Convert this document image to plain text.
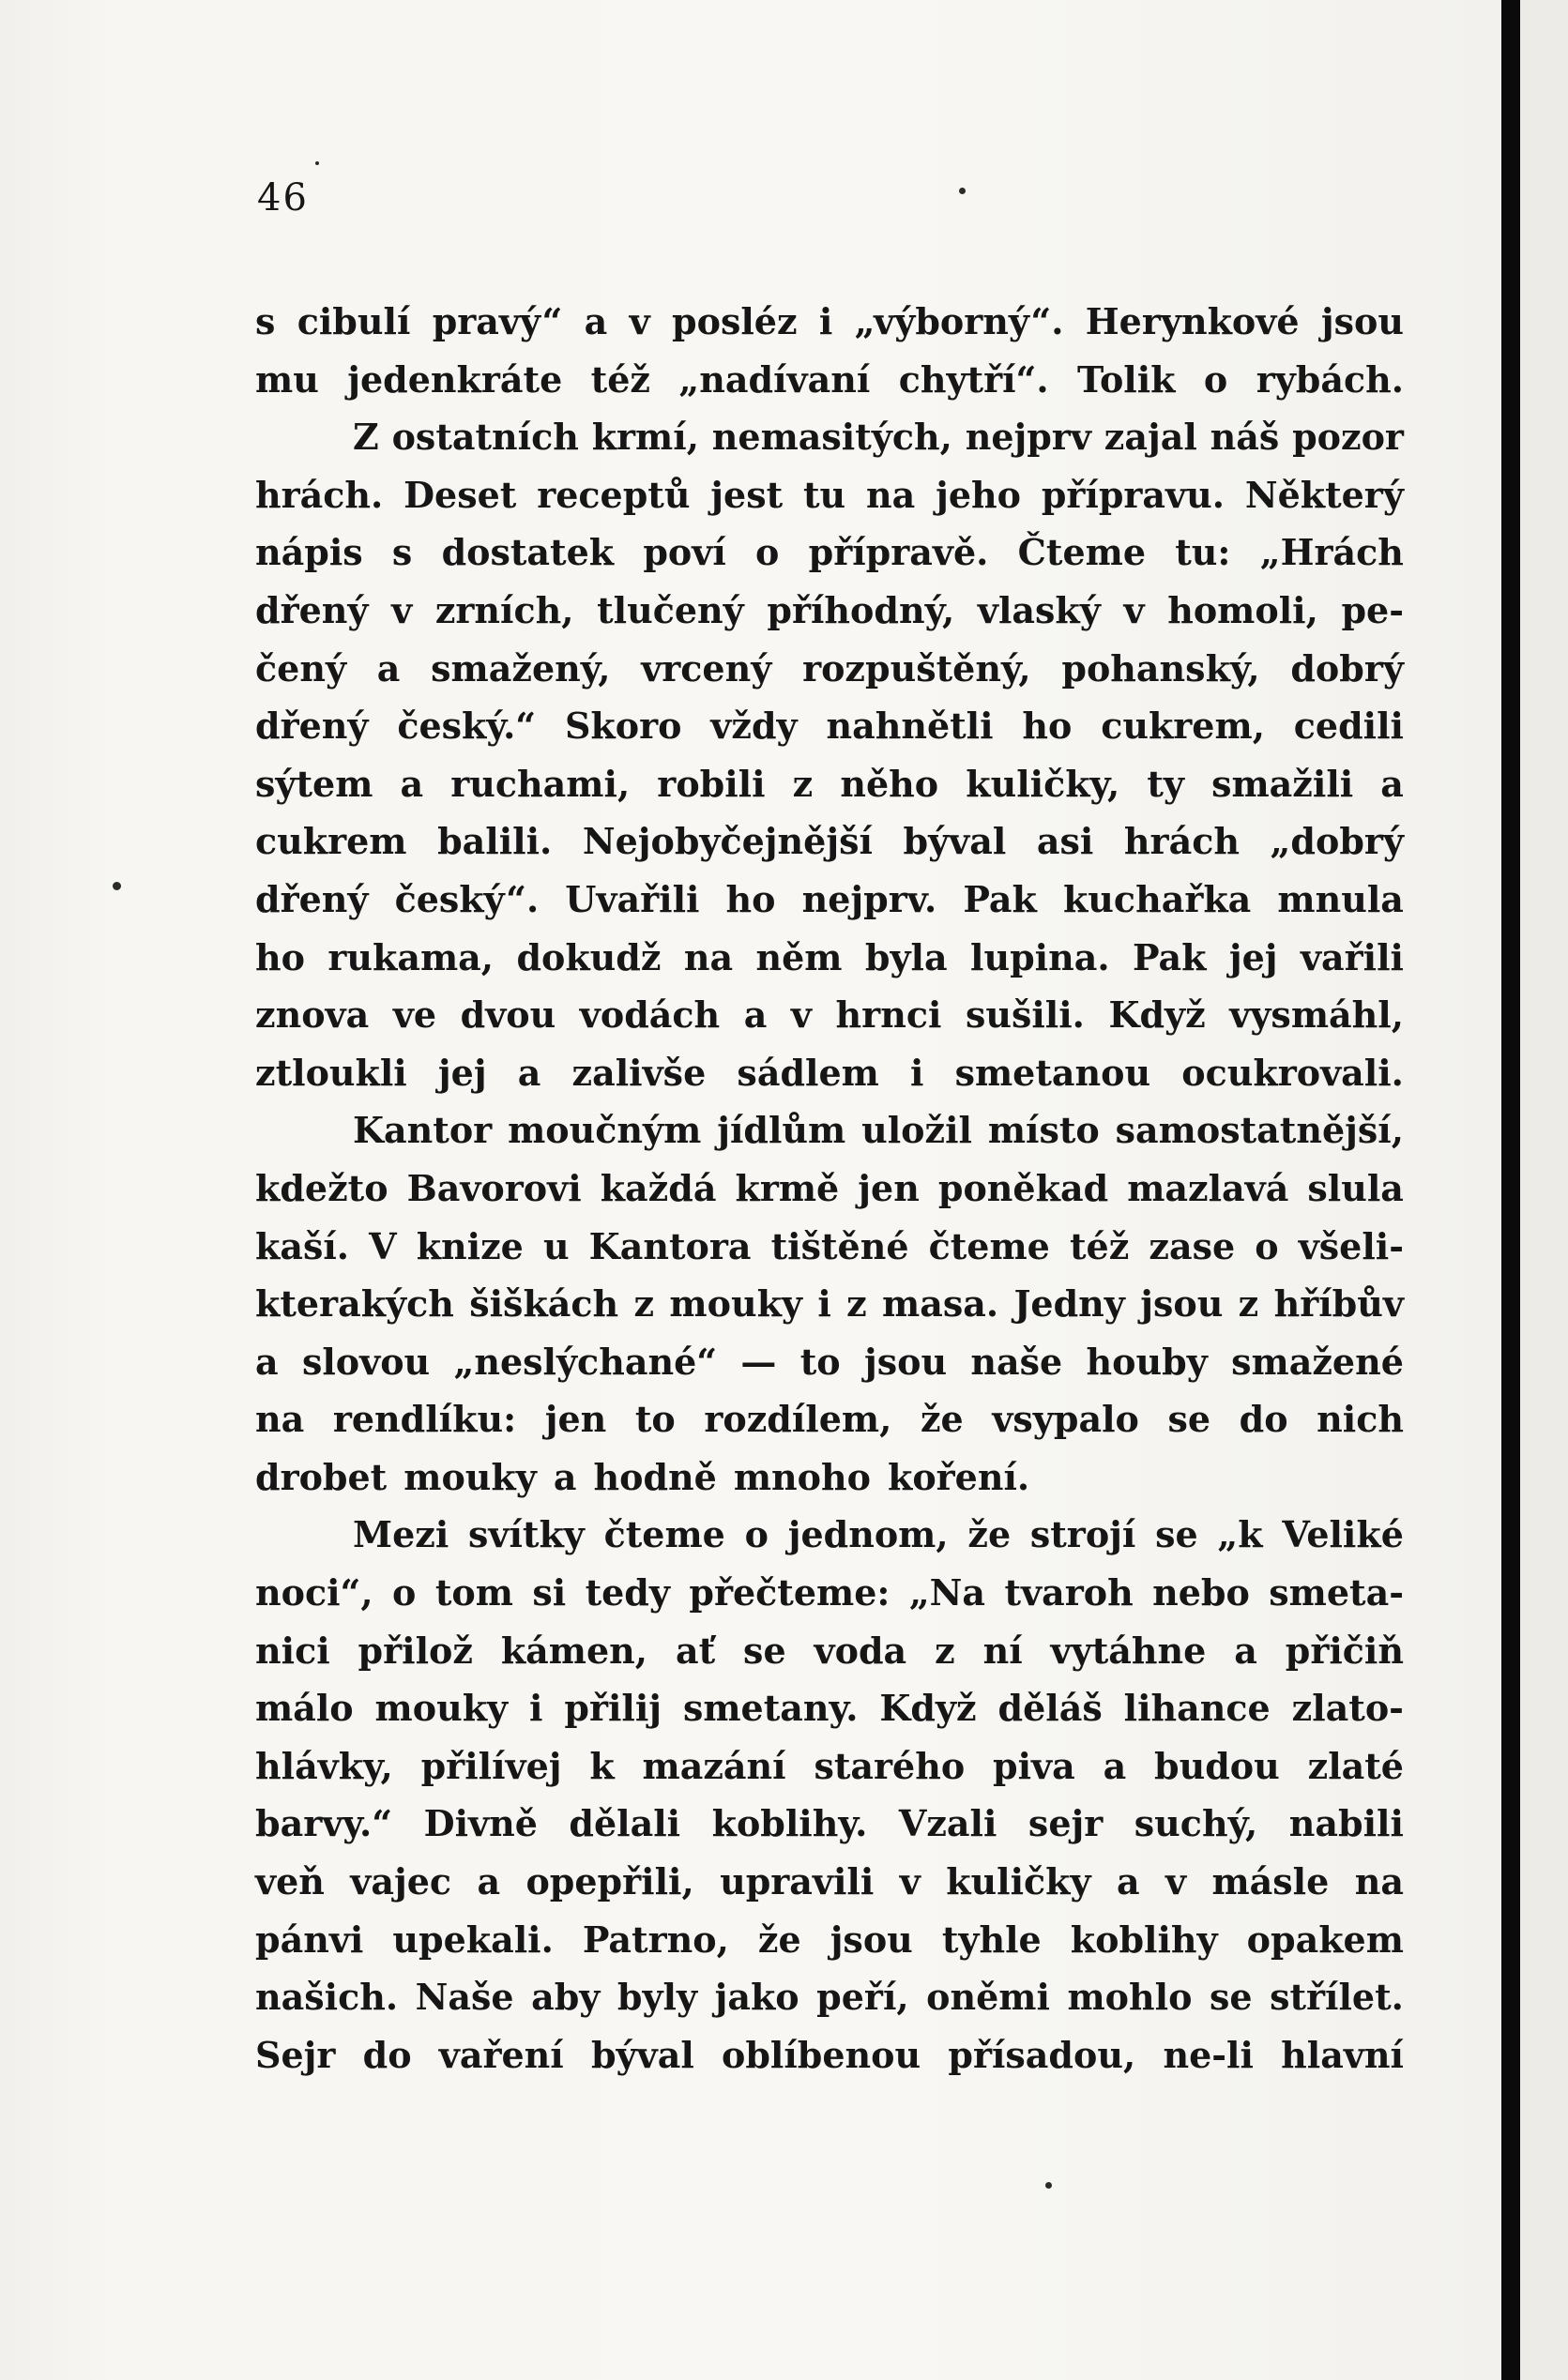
46
s cibulí pravý“ a v posléz i „výborný“. Herynkové jsou
mu jedenkráte též „nadívaní chytří“. Tolik o rybách.
Z ostatních krmí, nemasitých, nejprv zajal náš pozor
hrách. Deset receptů jest tu na jeho přípravu. Některý
nápis s dostatek poví o přípravě. Čteme tu: „Hrách
dřený v zrních, tlučený příhodný, vlaský v homoli, pe-
čený a smažený, vrcený rozpuštěný, pohanský, dobrý
dřený český.“ Skoro vždy nahnětli ho cukrem, cedili
sýtem a ruchami, robili z něho kuličky, ty smažili a
cukrem balili. Nejobyčejnější býval asi hrách „dobrý
dřený český“. Uvařili ho nejprv. Pak kuchařka mnula
ho rukama, dokudž na něm byla lupina. Pak jej vařili
znova ve dvou vodách a v hrnci sušili. Když vysmáhl,
ztloukli jej a zalivše sádlem i smetanou ocukrovali.
Kantor moučným jídlům uložil místo samostatnější,
kdežto Bavorovi každá krmě jen poněkad mazlavá slula
kaší. V knize u Kantora tištěné čteme též zase o všeli-
kterakých šiškách z mouky i z masa. Jedny jsou z hříbův
a slovou „neslýchané“ — to jsou naše houby smažené
na rendlíku: jen to rozdílem, že vsypalo se do nich
drobet mouky a hodně mnoho koření.
Mezi svítky čteme o jednom, že strojí se „k Veliké
noci“, o tom si tedy přečteme: „Na tvaroh nebo smeta-
nici přilož kámen, ať se voda z ní vytáhne a přičiň
málo mouky i přilij smetany. Když děláš lihance zlato-
hlávky, přilívej k mazání starého piva a budou zlaté
barvy.“ Divně dělali koblihy. Vzali sejr suchý, nabili
veň vajec a opepřili, upravili v kuličky a v másle na
pánvi upekali. Patrno, že jsou tyhle koblihy opakem
našich. Naše aby byly jako peří, oněmi mohlo se střílet.
Sejr do vaření býval oblíbenou přísadou, ne-li hlavní
